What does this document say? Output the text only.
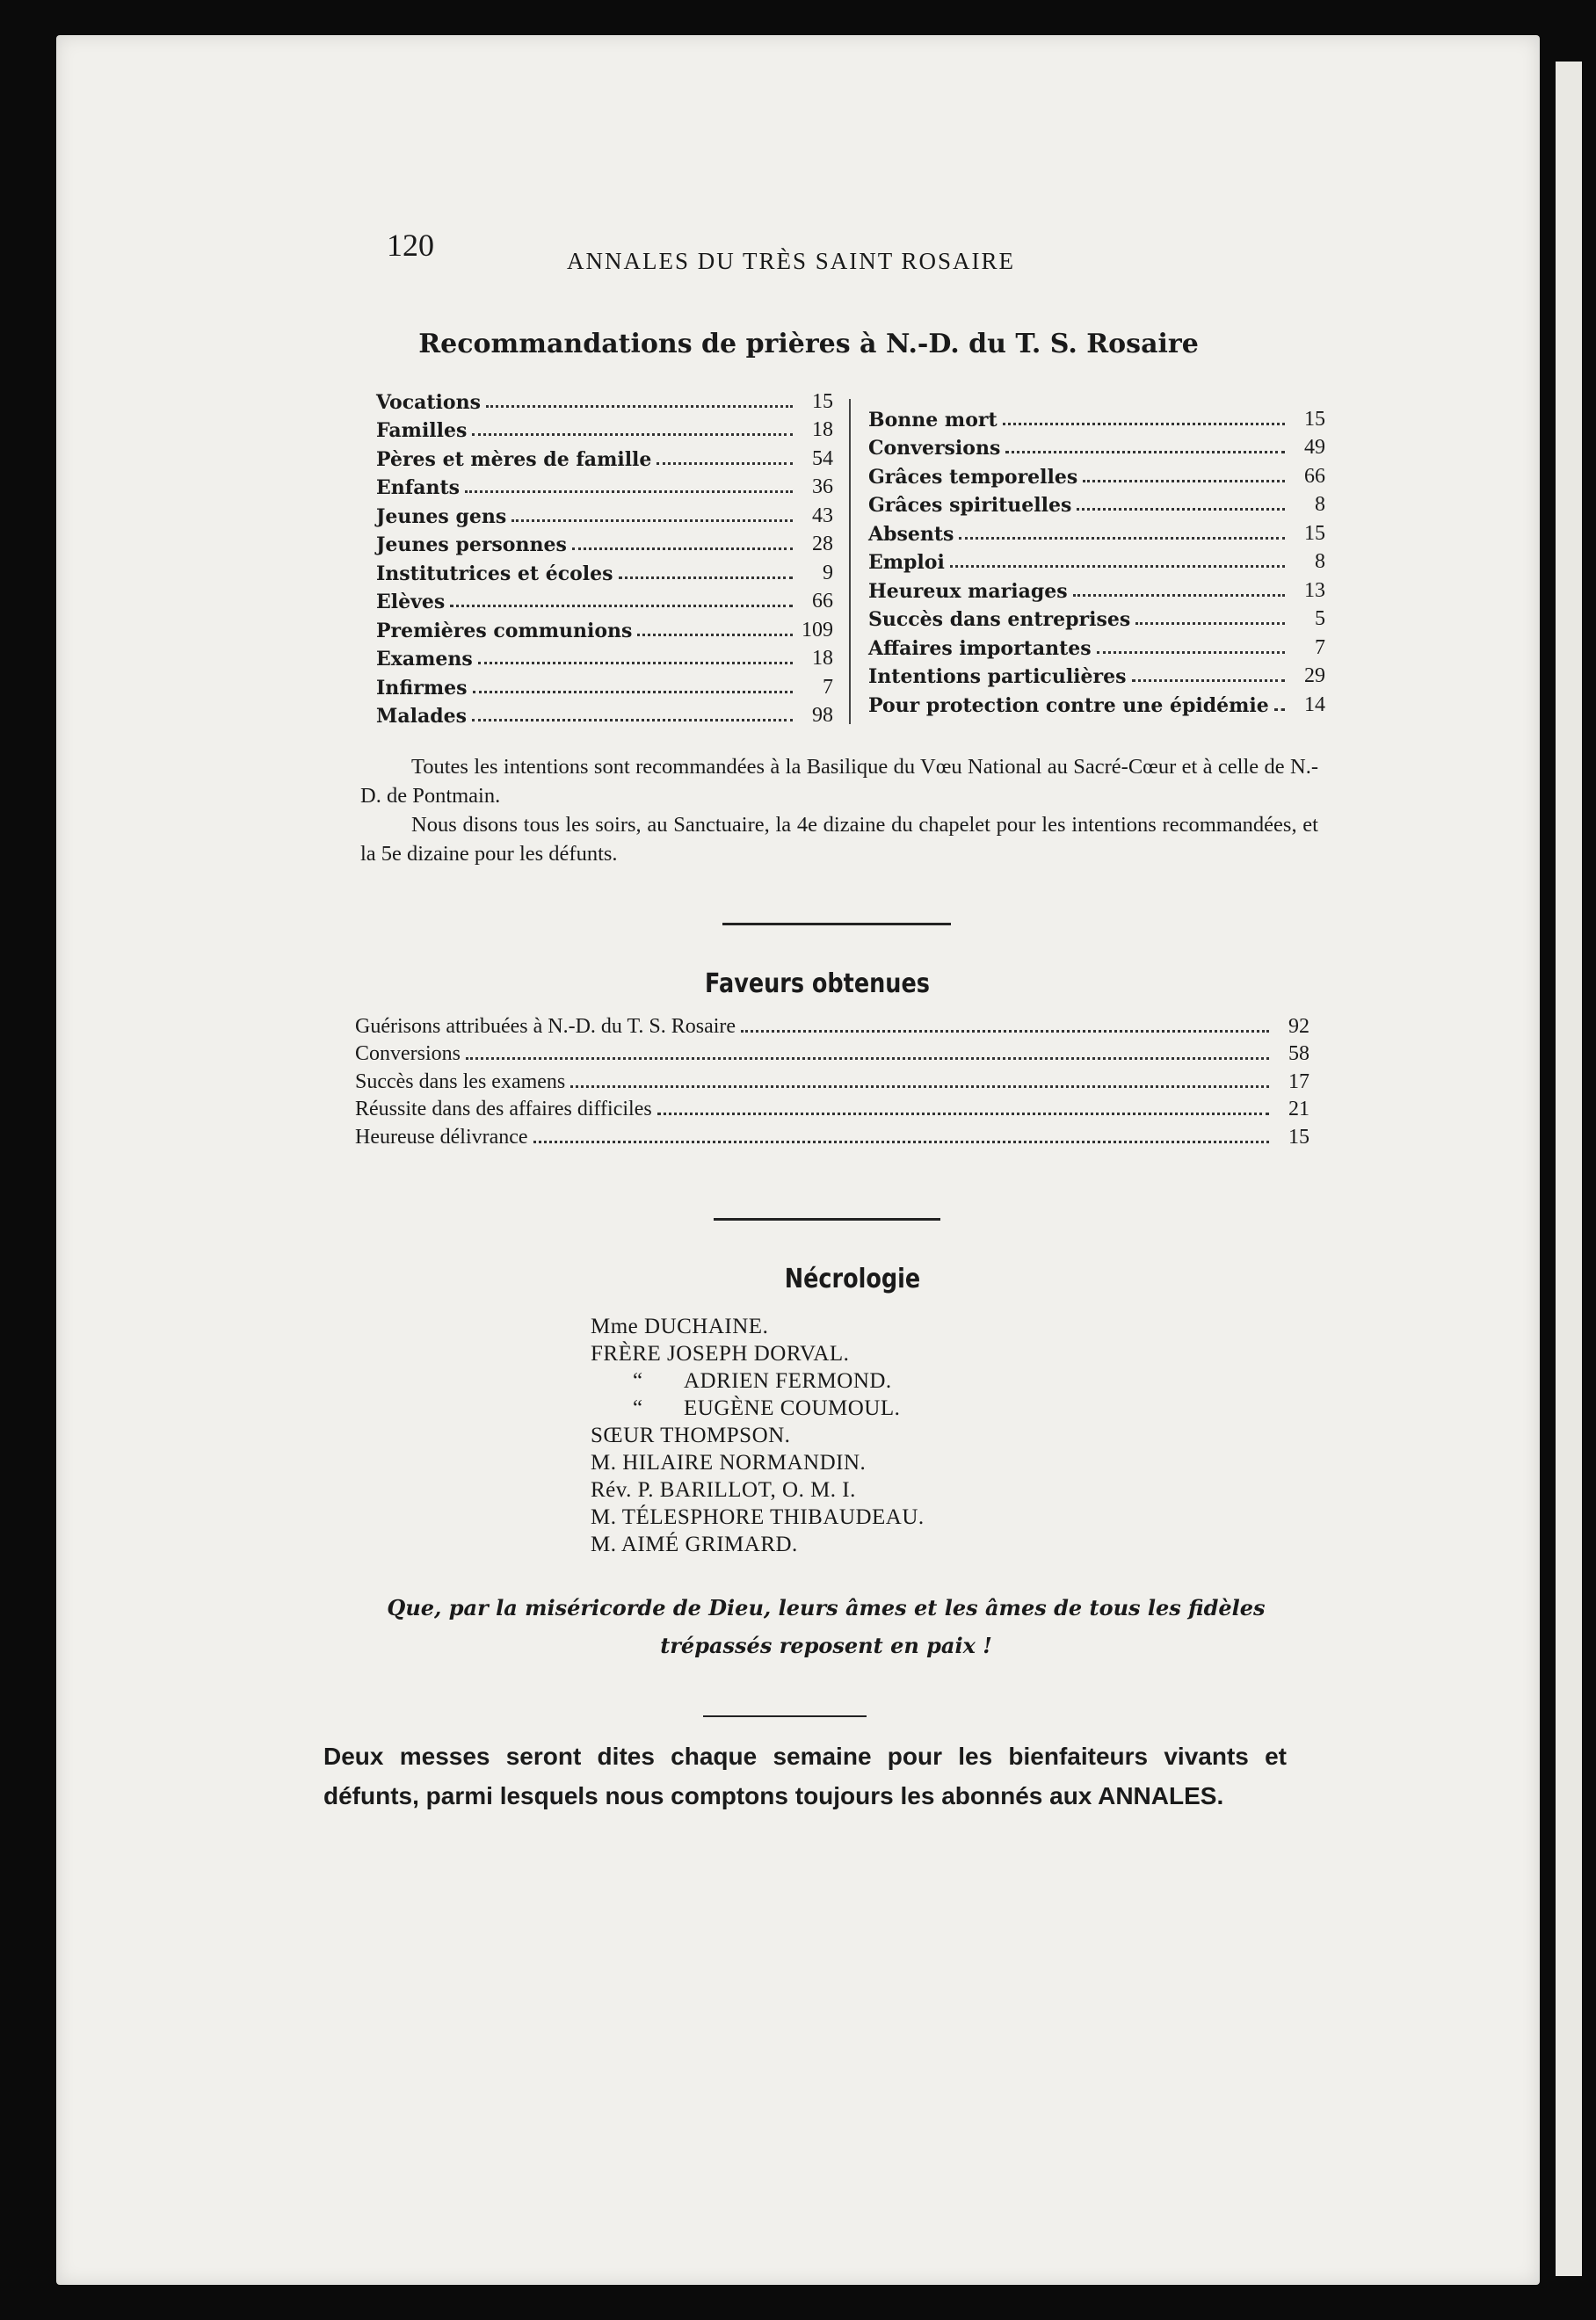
120	ANNALES DU TRÈS SAINT ROSAIRE
Recommandations de prières à N.-D. du T. S. Rosaire
Vocations	15
Familles	18
Pères et mères de famille	54
Enfants	36
Jeunes gens	43
Jeunes personnes	28
Institutrices et écoles	9
Elèves	66
Premières communions	109
Examens	18
Infirmes	7
Malades	98
Bonne mort	15
Conversions	49
Grâces temporelles	66
Grâces spirituelles	8
Absents	15
Emploi	8
Heureux mariages	13
Succès dans entreprises	5
Affaires importantes	7
Intentions particulières	29
Pour protection contre une épidémie	14

Toutes les intentions sont recommandées à la Basilique du Vœu National au Sacré-Cœur et à celle de N.-D. de Pontmain.

Nous disons tous les soirs, au Sanctuaire, la 4e dizaine du chapelet pour les intentions recommandées, et la 5e dizaine pour les défunts.

Faveurs obtenues
Guérisons attribuées à N.-D. du T. S. Rosaire	92
Conversions	58
Succès dans les examens	17
Réussite dans des affaires difficiles	21
Heureuse délivrance	15
Nécrologie
Mme DUCHAINE.
FRÈRE JOSEPH DORVAL.
“ ADRIEN FERMOND.
“ EUGÈNE COUMOUL.
SŒUR THOMPSON.
M. HILAIRE NORMANDIN.
Rév. P. BARILLOT, O. M. I.
M. TÉLESPHORE THIBAUDEAU.
M. AIMÉ GRIMARD.
Que, par la miséricorde de Dieu, leurs âmes et les âmes de tous les fidèles
trépassés reposent en paix !
Deux messes seront dites chaque semaine pour les bienfaiteurs vivants et défunts, parmi lesquels nous comptons toujours les abonnés aux ANNALES.
